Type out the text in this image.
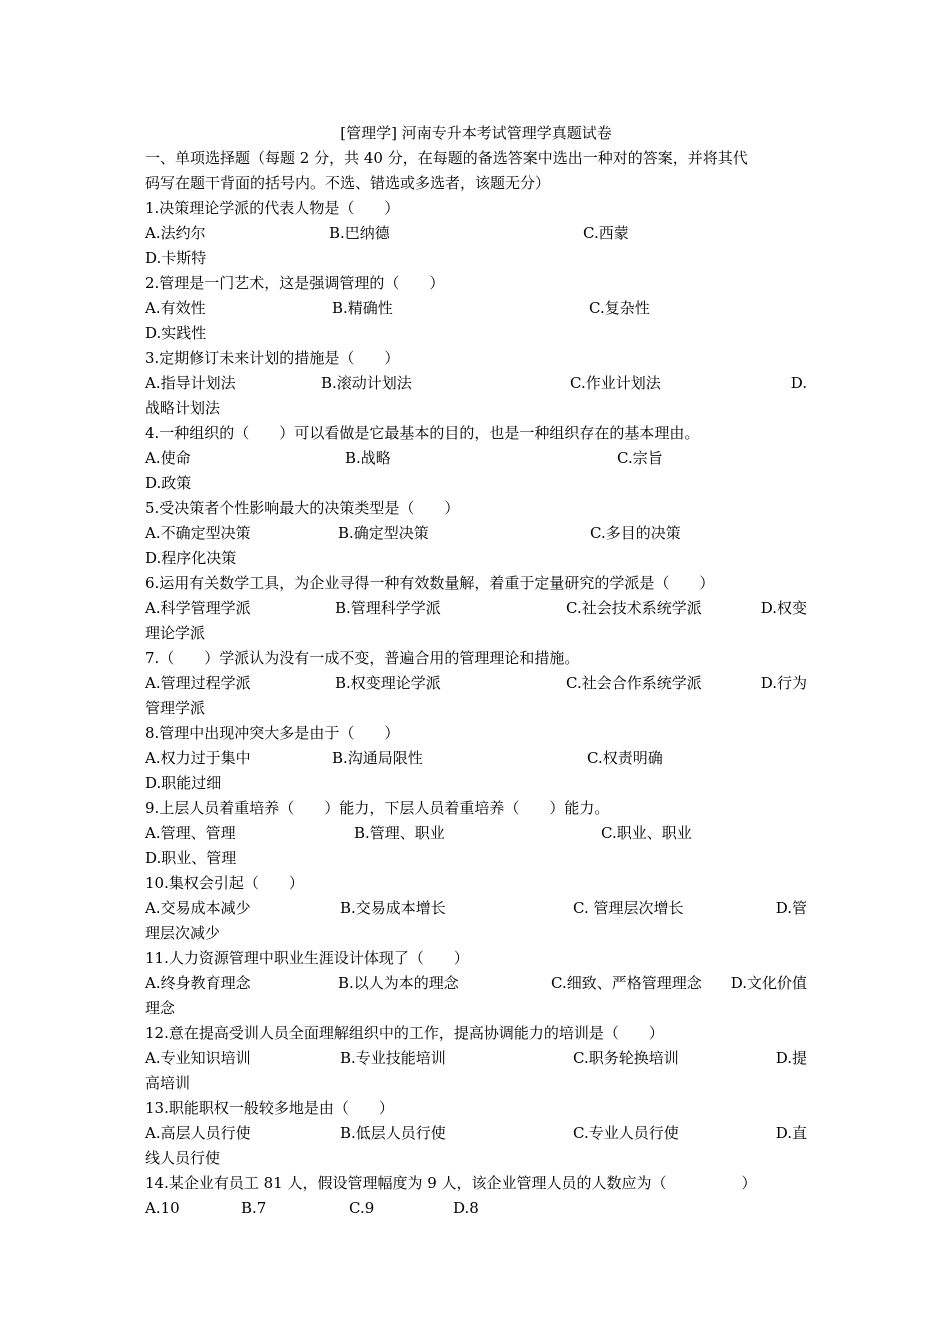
[管理学] 河南专升本考试管理学真题试卷
一、单项选择题（每题 2 分，共 40 分，在每题的备选答案中选出一种对的答案，并将其代
码写在题干背面的括号内。不选、错选或多选者，该题无分）
1.决策理论学派的代表人物是（　　）
A.法约尔	B.巴纳德	C.西蒙
D.卡斯特
2.管理是一门艺术，这是强调管理的（　　）
A.有效性	B.精确性	C.复杂性
D.实践性
3.定期修订未来计划的措施是（　　）
A.指导计划法	B.滚动计划法	C.作业计划法	D.
战略计划法
4.一种组织的（　　）可以看做是它最基本的目的，也是一种组织存在的基本理由。
A.使命	B.战略	C.宗旨
D.政策
5.受决策者个性影响最大的决策类型是（　　）
A.不确定型决策	B.确定型决策	C.多目的决策
D.程序化决策
6.运用有关数学工具，为企业寻得一种有效数量解，着重于定量研究的学派是（　　）
A.科学管理学派	B.管理科学学派	C.社会技术系统学派	D.权变
理论学派
7.（　　）学派认为没有一成不变，普遍合用的管理理论和措施。
A.管理过程学派	B.权变理论学派	C.社会合作系统学派	D.行为
管理学派
8.管理中出现冲突大多是由于（　　）
A.权力过于集中	B.沟通局限性	C.权责明确
D.职能过细
9.上层人员着重培养（　　）能力，下层人员着重培养（　　）能力。
A.管理、管理	B.管理、职业	C.职业、职业
D.职业、管理
10.集权会引起（　　）
A.交易成本减少	B.交易成本增长	C. 管理层次增长	D.管
理层次减少
11.人力资源管理中职业生涯设计体现了（　　）
A.终身教育理念	B.以人为本的理念	C.细致、严格管理理念 D.文化价值
理念
12.意在提高受训人员全面理解组织中的工作，提高协调能力的培训是（　　）
A.专业知识培训	B.专业技能培训	C.职务轮换培训	D.提
高培训
13.职能职权一般较多地是由（　　）
A.高层人员行使	B.低层人员行使	C.专业人员行使	D.直
线人员行使
14.某企业有员工 81 人，假设管理幅度为 9 人，该企业管理人员的人数应为（　　　　　）
A.10	B.7	C.9	D.8
